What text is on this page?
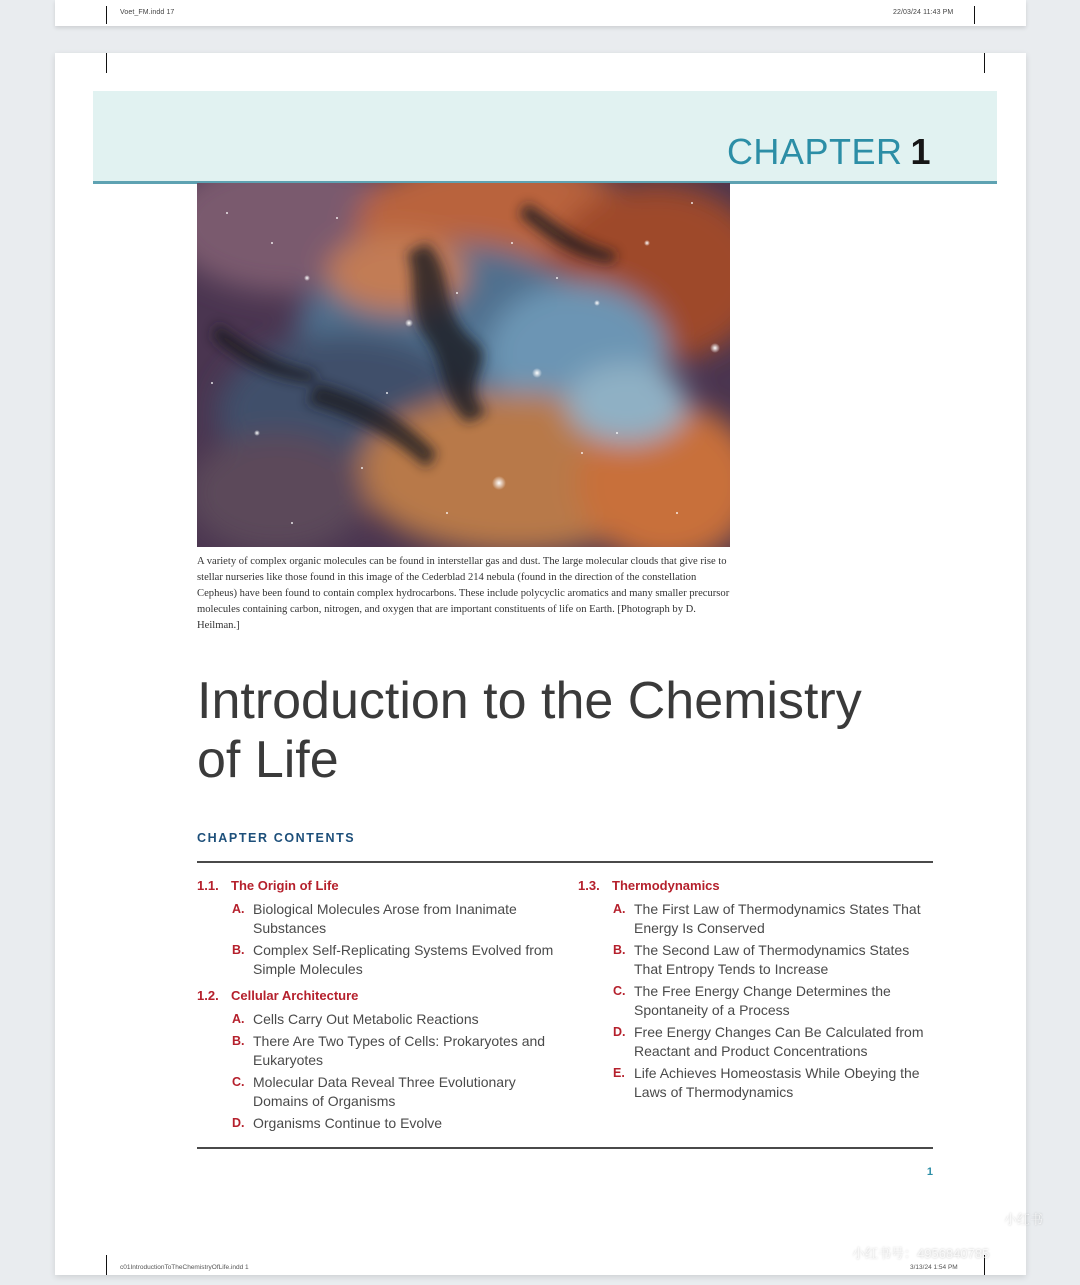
Voet_FM.indd 17	22/03/24 11:43 PM
CHAPTER 1
A variety of complex organic molecules can be found in interstellar gas and dust. The large molecular clouds that give rise to stellar nurseries like those found in this image of the Cederblad 214 nebula (found in the direction of the constellation Cepheus) have been found to contain complex hydrocarbons. These include polycyclic aromatics and many smaller precursor molecules containing carbon, nitrogen, and oxygen that are important constituents of life on Earth. [Photograph by D. Heilman.]
Introduction to the Chemistry
of Life
CHAPTER CONTENTS
1.1. The Origin of Life
A. Biological Molecules Arose from Inanimate Substances
B. Complex Self-Replicating Systems Evolved from Simple Molecules
1.2. Cellular Architecture
A. Cells Carry Out Metabolic Reactions
B. There Are Two Types of Cells: Prokaryotes and Eukaryotes
C. Molecular Data Reveal Three Evolutionary Domains of Organisms
D. Organisms Continue to Evolve
1.3. Thermodynamics
A. The First Law of Thermodynamics States That Energy Is Conserved
B. The Second Law of Thermodynamics States That Entropy Tends to Increase
C. The Free Energy Change Determines the Spontaneity of a Process
D. Free Energy Changes Can Be Calculated from Reactant and Product Concentrations
E. Life Achieves Homeostasis While Obeying the Laws of Thermodynamics
1
c01IntroductionToTheChemistryOfLife.indd 1	3/13/24 1:54 PM
小红书
小红书号：4956840785
